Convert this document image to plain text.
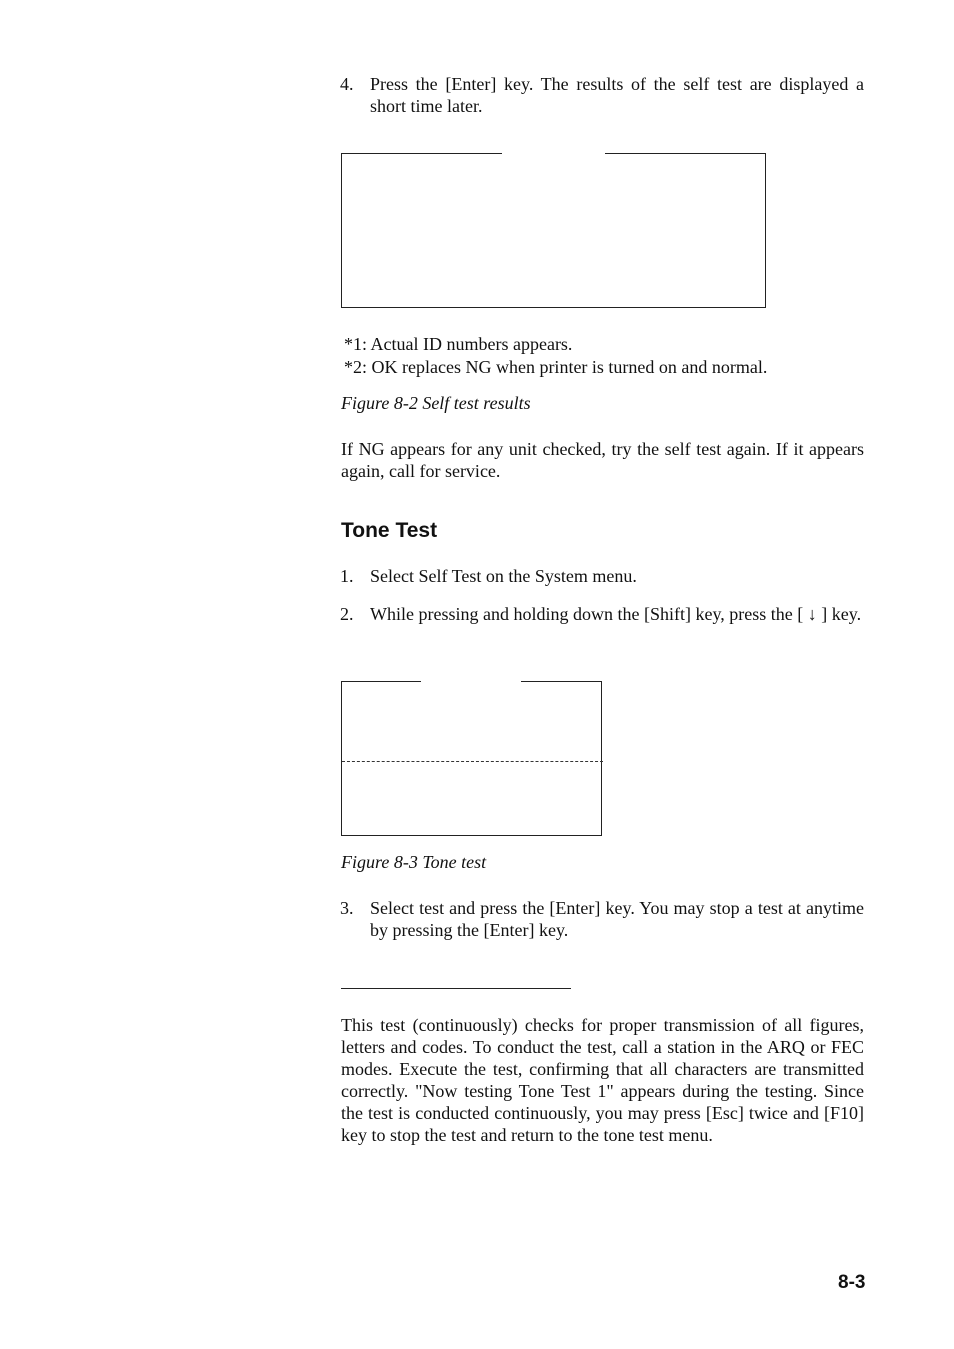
4. Press the [Enter] key. The results of the self test are displayed a short time later.
*1: Actual ID numbers appears.
*2: OK replaces NG when printer is turned on and normal.
Figure 8-2 Self test results
If NG appears for any unit checked, try the self test again. If it appears again, call for service.
Tone Test
1. Select Self Test on the System menu.
2. While pressing and holding down the [Shift] key, press the [ ↓ ] key.
Figure 8-3 Tone test
3. Select test and press the [Enter] key. You may stop a test at anytime by pressing the [Enter] key.
This test (continuously) checks for proper transmission of all figures, letters and codes. To conduct the test, call a station in the ARQ or FEC modes. Execute the test, confirming that all characters are transmitted correctly. "Now testing Tone Test 1" appears during the testing. Since the test is conducted continuously, you may press [Esc] twice and [F10] key to stop the test and return to the tone test menu.
8-3
